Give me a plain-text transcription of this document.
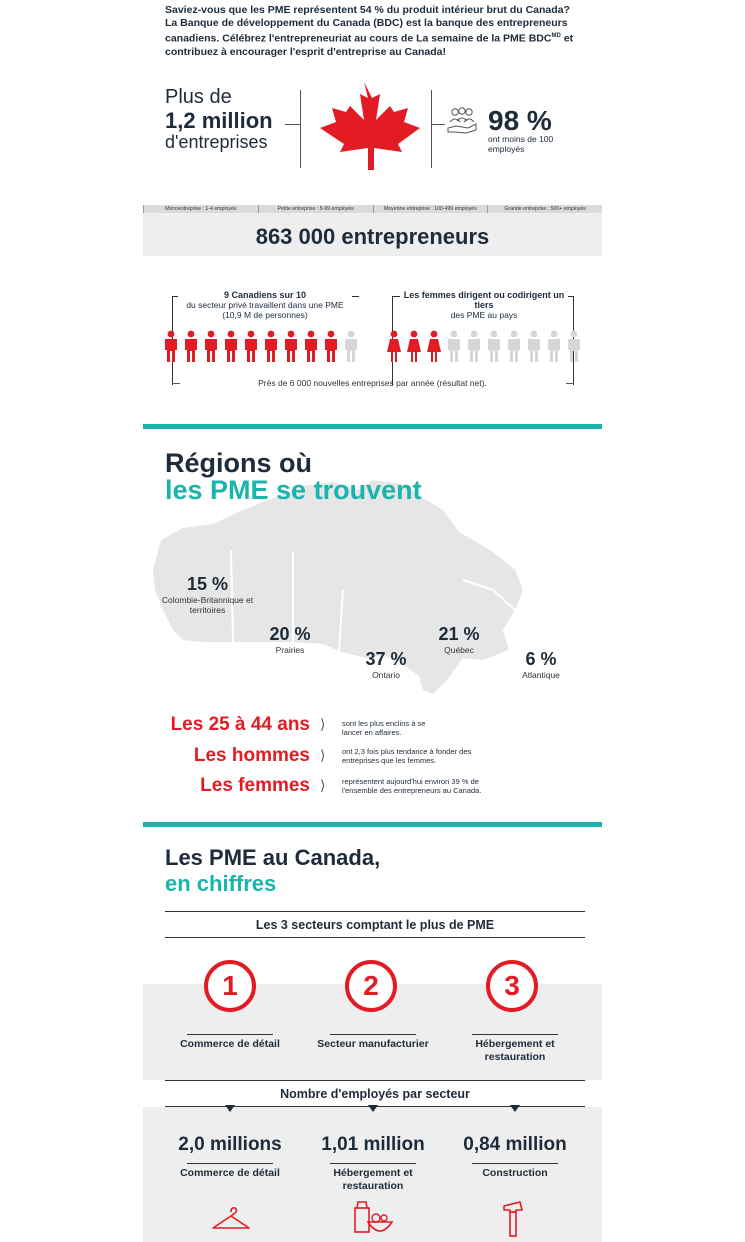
Saviez-vous que les PME représentent 54 % du produit intérieur brut du Canada?
La Banque de développement du Canada (BDC) est la banque des entrepreneurs canadiens. Célébrez l'entrepreneuriat au cours de La semaine de la PME $BDC^{MD}$ et contribuez à encourager l'esprit d'entreprise au Canada!
Plus de
1,2 million
d'entreprises
98 %
ont moins de 100 employés
Microentreprise : 1-4 employés	Petite entreprise : 5-99 employés	Moyenne entreprise : 100-499 employés	Grande entreprise : 500+ employés
863 000 entrepreneurs
9 Canadiens sur 10
du secteur privé travaillent dans une PME (10,9 M de personnes)
Les femmes dirigent ou codirigent un tiers
des PME au pays
Près de 6 000 nouvelles entreprises par année (résultat net).
Régions où
les PME se trouvent
15 %
Colombie-Britannique et territoires
20 %
Prairies	37 %
Ontario
21 %
Québec	6 %
Atlantique
Les 25 à 44 ans ⟩ sont les plus enclins à se lancer en affaires.
Les hommes ⟩ ont 2,3 fois plus tendance à fonder des entreprises que les femmes.
Les femmes ⟩ représentent aujourd'hui environ 39 % de l'ensemble des entrepreneurs au Canada.
Les PME au Canada,
en chiffres
Les 3 secteurs comptant le plus de PME
1	2	3
Commerce de détail	Secteur manufacturier	Hébergement et restauration
Nombre d'employés par secteur
2,0 millions	1,01 million	0,84 million
Commerce de détail	Hébergement et restauration
Construction
